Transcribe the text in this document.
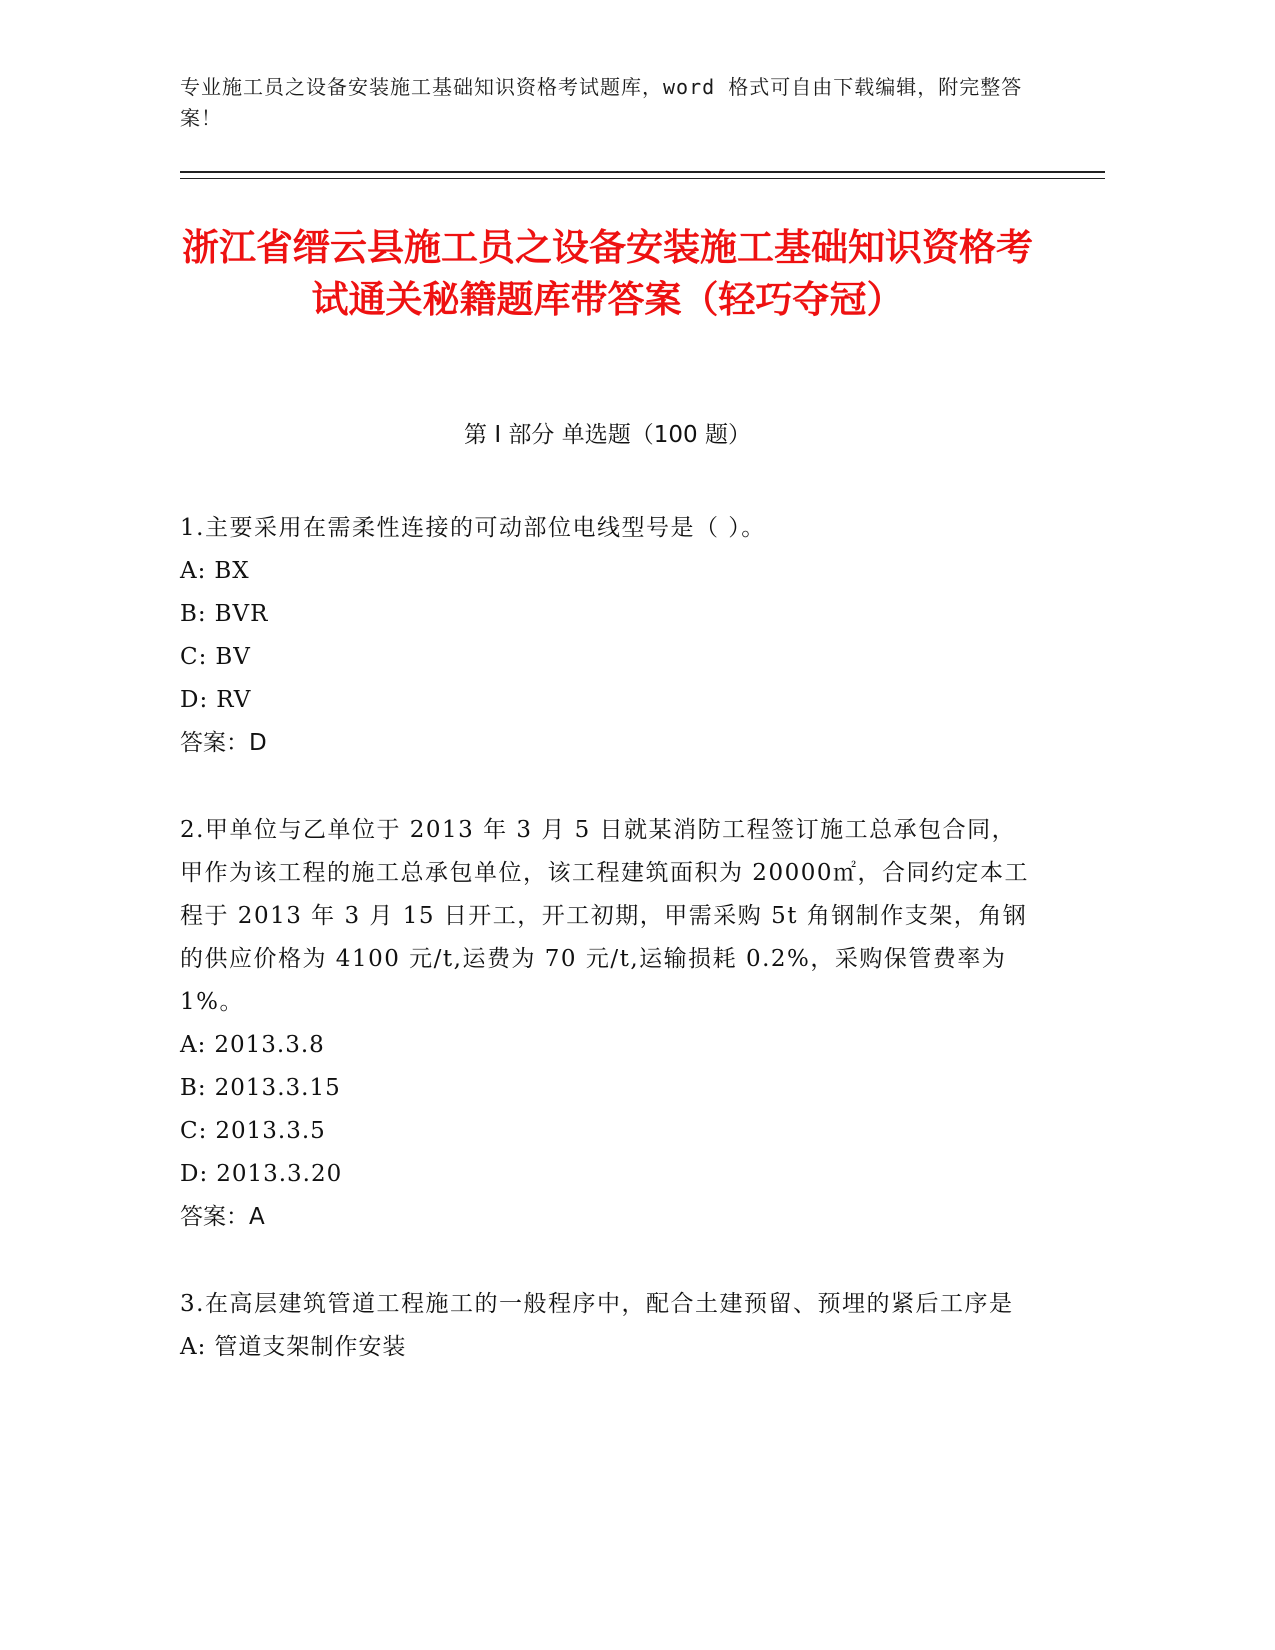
专业施工员之设备安装施工基础知识资格考试题库，word 格式可自由下载编辑，附完整答案！
浙江省缙云县施工员之设备安装施工基础知识资格考试通关秘籍题库带答案（轻巧夺冠）
第 I 部分 单选题（100 题）
1.主要采用在需柔性连接的可动部位电线型号是（ ）。
A: BX
B: BVR
C: BV
D: RV
答案：D
2.甲单位与乙单位于 2013 年 3 月 5 日就某消防工程签订施工总承包合同，甲作为该工程的施工总承包单位，该工程建筑面积为 20000㎡，合同约定本工程于 2013 年 3 月 15 日开工，开工初期，甲需采购 5t 角钢制作支架，角钢的供应价格为 4100 元/t,运费为 70 元/t,运输损耗 0.2%，采购保管费率为 1%。
A: 2013.3.8
B: 2013.3.15
C: 2013.3.5
D: 2013.3.20
答案：A
3.在高层建筑管道工程施工的一般程序中，配合土建预留、预埋的紧后工序是
A: 管道支架制作安装
